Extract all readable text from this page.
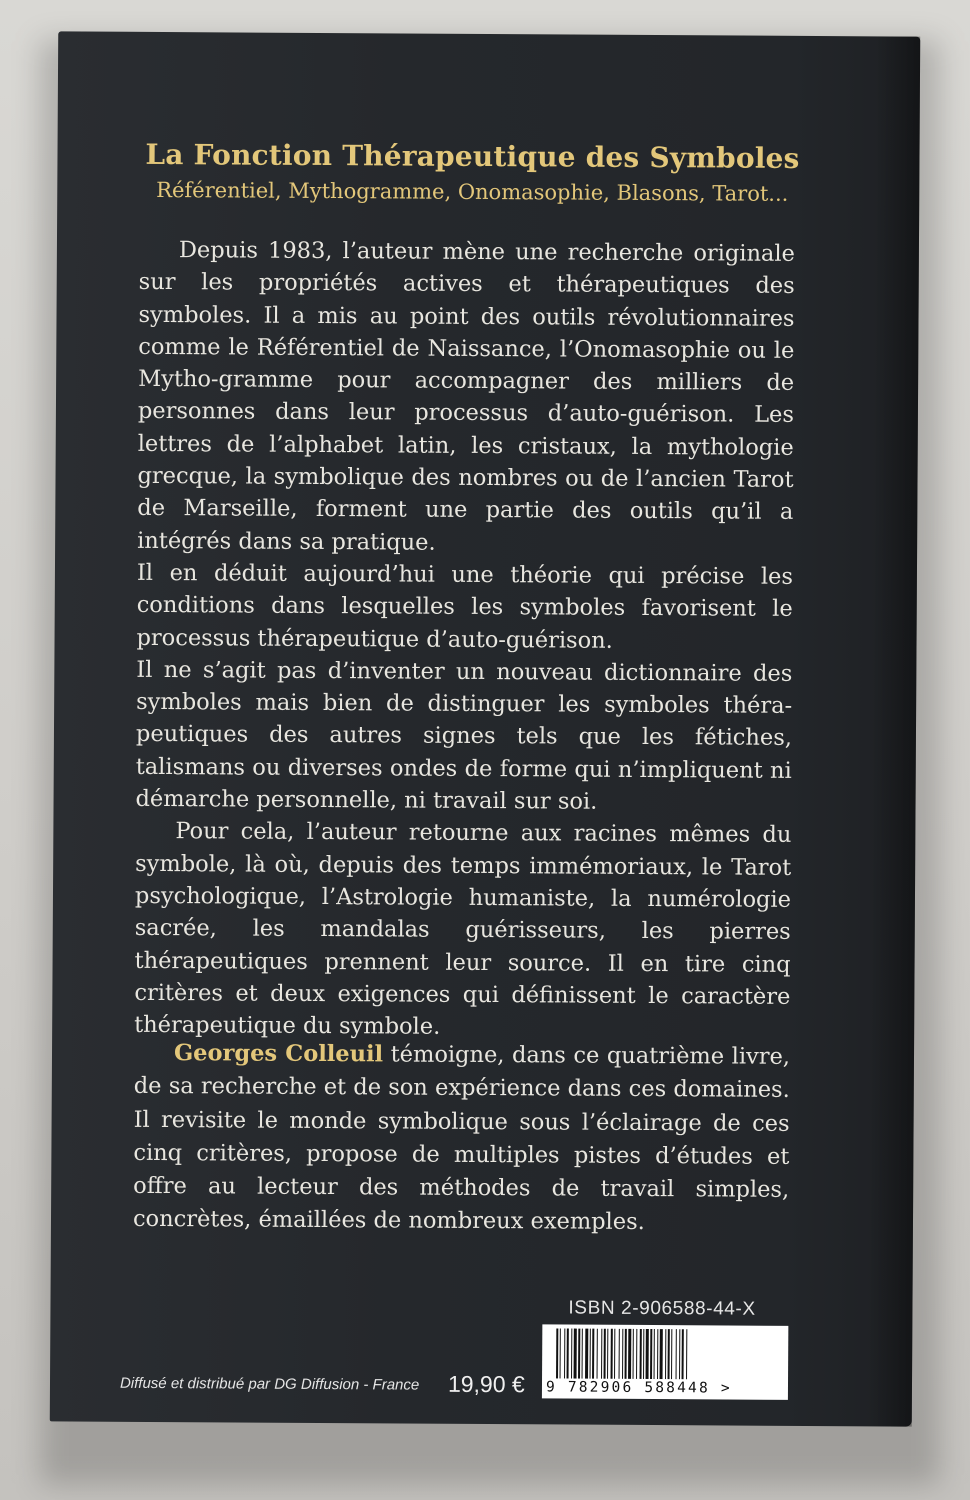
La Fonction Thérapeutique des Symboles
Référentiel, Mythogramme, Onomasophie, Blasons, Tarot...

Depuis 1983, l’auteur mène une recherche originale sur les propriétés actives et thérapeutiques des symboles. Il a mis au point des outils révolutionnaires comme le Référentiel de Naissance, l’Onomasophie ou le Mytho-gramme pour accompagner des milliers de personnes dans leur processus d’auto-guérison. Les lettres de l’alphabet latin, les cristaux, la mythologie grecque, la symbolique des nombres ou de l’ancien Tarot de Marseille, forment une partie des outils qu’il a intégrés dans sa pratique.

Il en déduit aujourd’hui une théorie qui précise les conditions dans lesquelles les symboles favorisent le processus thérapeutique d’auto-guérison.

Il ne s’agit pas d’inventer un nouveau dictionnaire des symboles mais bien de distinguer les symboles théra-peutiques des autres signes tels que les fétiches, talismans ou diverses ondes de forme qui n’impliquent ni démarche personnelle, ni travail sur soi.

Pour cela, l’auteur retourne aux racines mêmes du symbole, là où, depuis des temps immémoriaux, le Tarot psychologique, l’Astrologie humaniste, la numérologie sacrée, les mandalas guérisseurs, les pierres thérapeutiques prennent leur source. Il en tire cinq critères et deux exigences qui définissent le caractère thérapeutique du symbole.

Georges Colleuil témoigne, dans ce quatrième livre, de sa recherche et de son expérience dans ces domaines. Il revisite le monde symbolique sous l’éclairage de ces cinq critères, propose de multiples pistes d’études et offre au lecteur des méthodes de travail simples, concrètes, émaillées de nombreux exemples.

ISBN 2-906588-44-X
9 782906 588448 >
Diffusé et distribué par DG Diffusion - France 19,90 €
